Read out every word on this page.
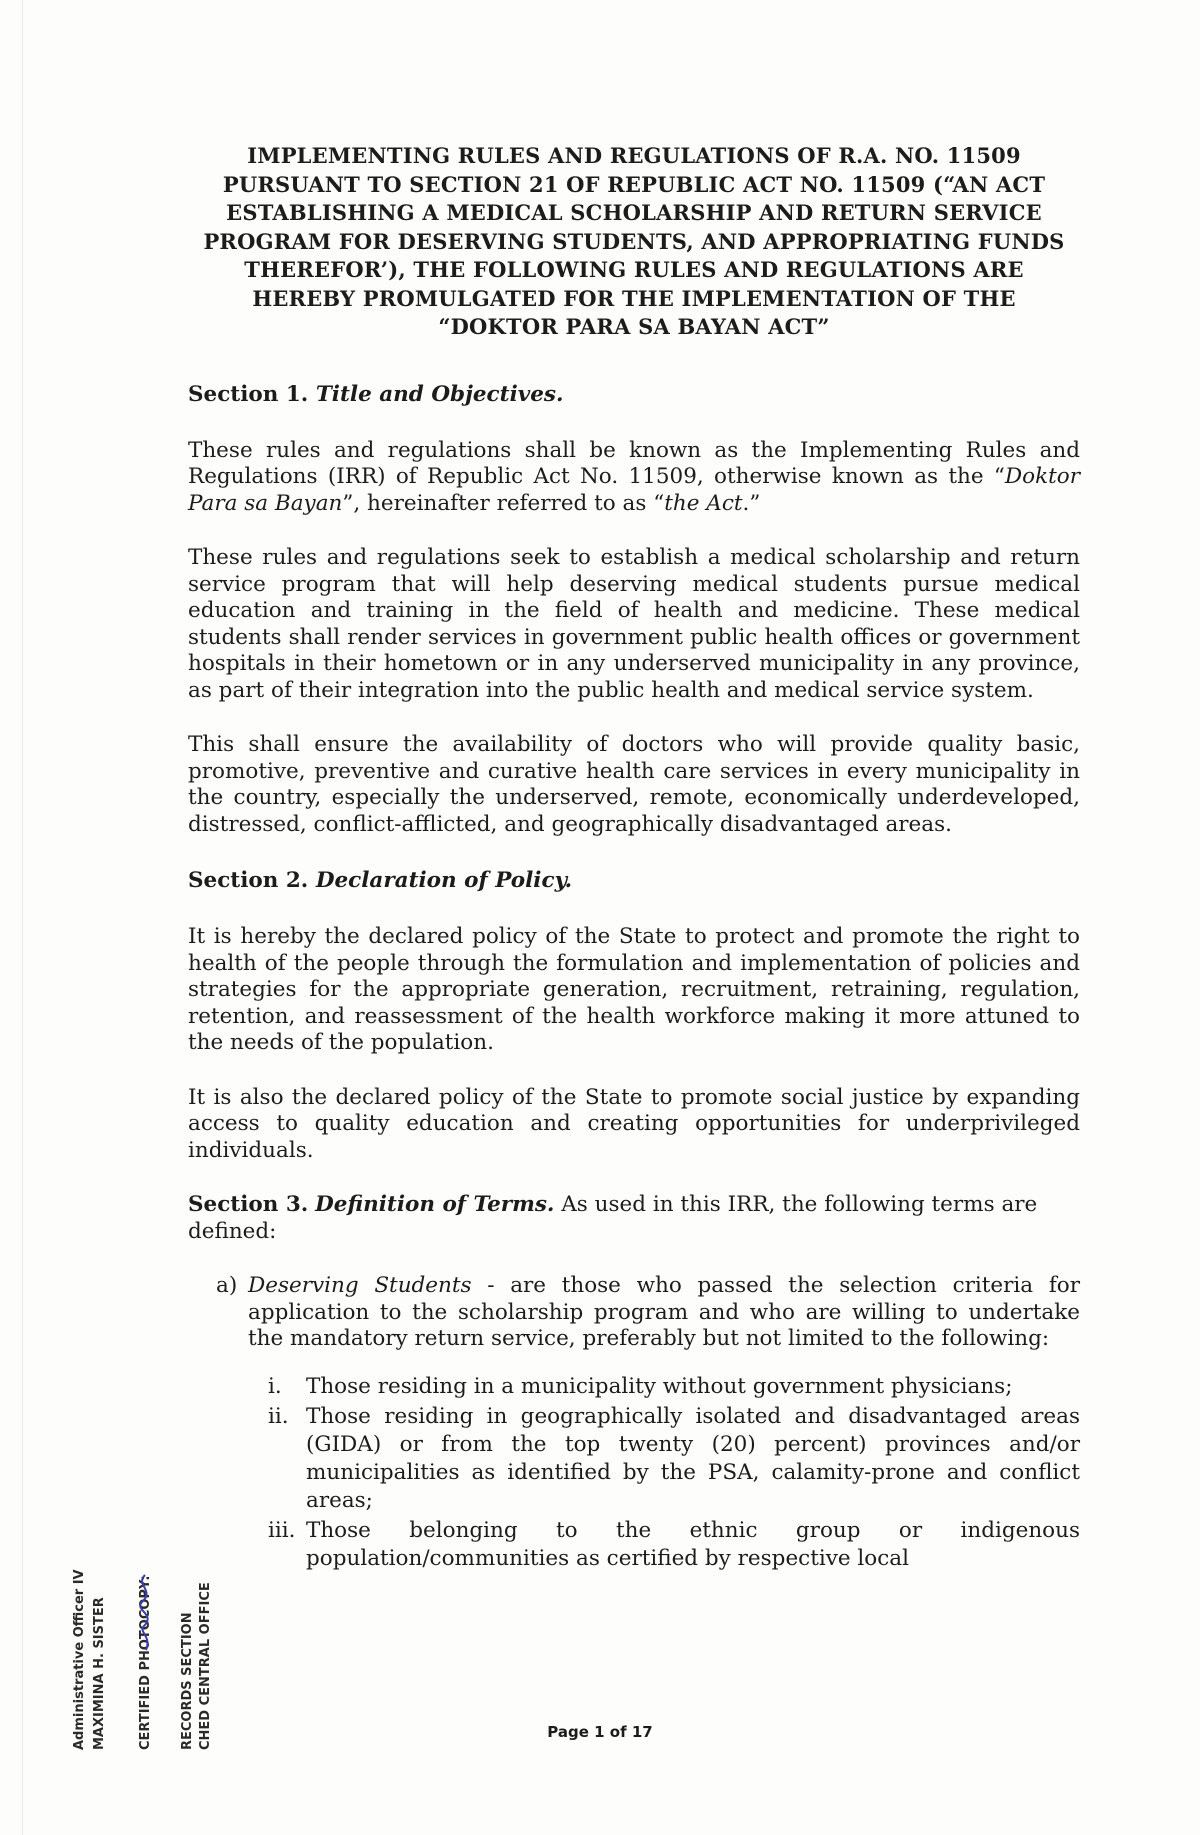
IMPLEMENTING RULES AND REGULATIONS OF R.A. NO. 11509
PURSUANT TO SECTION 21 OF REPUBLIC ACT NO. 11509 (“AN ACT
ESTABLISHING A MEDICAL SCHOLARSHIP AND RETURN SERVICE
PROGRAM FOR DESERVING STUDENTS, AND APPROPRIATING FUNDS
THEREFOR’), THE FOLLOWING RULES AND REGULATIONS ARE
HEREBY PROMULGATED FOR THE IMPLEMENTATION OF THE
“DOKTOR PARA SA BAYAN ACT”
Section 1. Title and Objectives.

These rules and regulations shall be known as the Implementing Rules and Regulations (IRR) of Republic Act No. 11509, otherwise known as the “Doktor Para sa Bayan”, hereinafter referred to as “the Act.”

These rules and regulations seek to establish a medical scholarship and return service program that will help deserving medical students pursue medical education and training in the field of health and medicine. These medical students shall render services in government public health offices or government hospitals in their hometown or in any underserved municipality in any province, as part of their integration into the public health and medical service system.

This shall ensure the availability of doctors who will provide quality basic, promotive, preventive and curative health care services in every municipality in the country, especially the underserved, remote, economically underdeveloped, distressed, conflict-afflicted, and geographically disadvantaged areas.

Section 2. Declaration of Policy.

It is hereby the declared policy of the State to protect and promote the right to health of the people through the formulation and implementation of policies and strategies for the appropriate generation, recruitment, retraining, regulation, retention, and reassessment of the health workforce making it more attuned to the needs of the population.

It is also the declared policy of the State to promote social justice by expanding access to quality education and creating opportunities for underprivileged individuals.

Section 3. Definition of Terms. As used in this IRR, the following terms are defined:
a) Deserving Students - are those who passed the selection criteria for application to the scholarship program and who are willing to undertake the mandatory return service, preferably but not limited to the following:
i. Those residing in a municipality without government physicians;
ii. Those residing in geographically isolated and disadvantaged areas (GIDA) or from the top twenty (20) percent) provinces and/or municipalities as identified by the PSA, calamity-prone and conflict areas;
iii. Those belonging to the ethnic group or indigenous population/communities as certified by respective local
CHED CENTRAL OFFICE
RECORDS SECTION
CERTIFIED PHOTOCOPY:
MAXIMINA H. SISTER
Administrative Officer IV	Page 1 of 17
